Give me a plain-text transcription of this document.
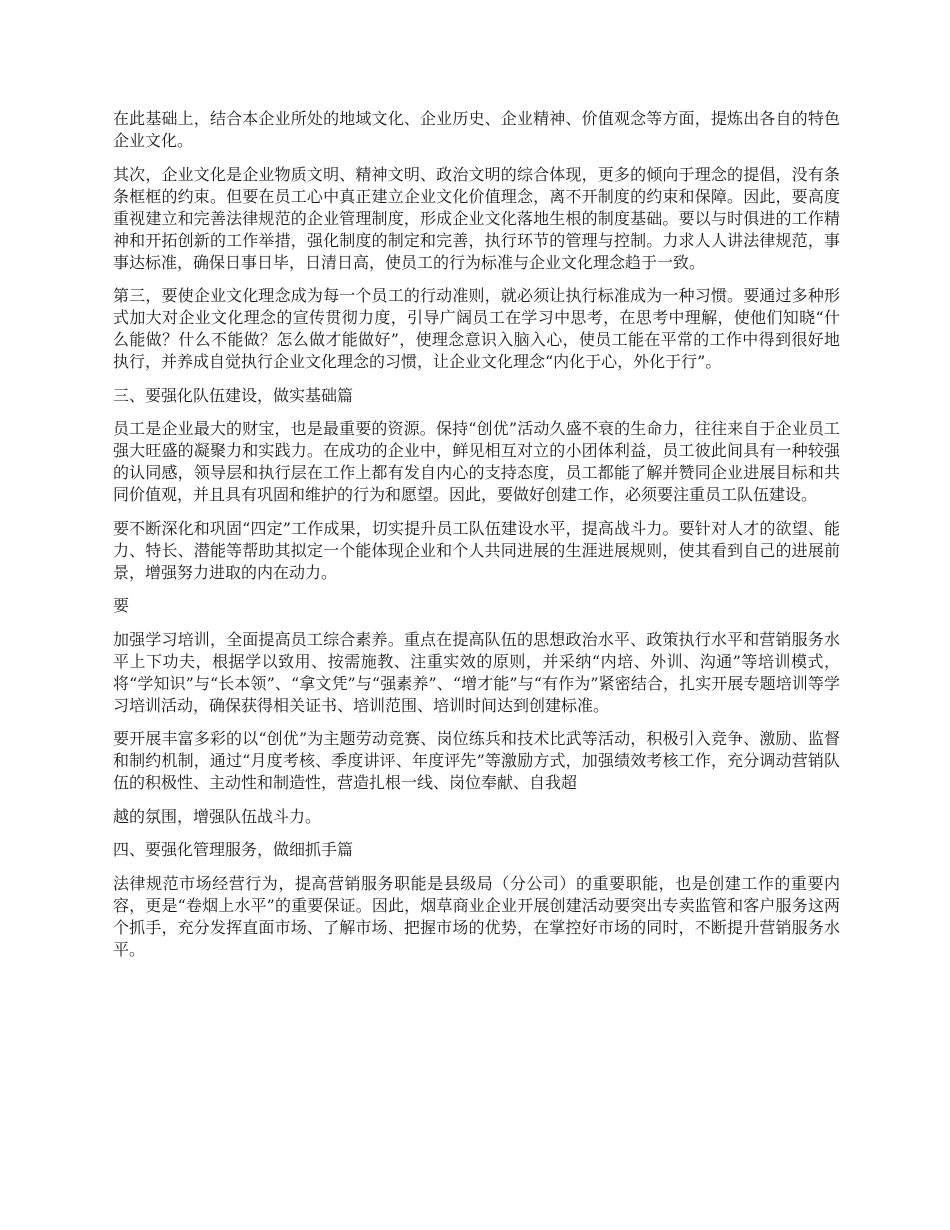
在此基础上，结合本企业所处的地域文化、企业历史、企业精神、价值观念等方面，提炼出各自的特色企业文化。

其次，企业文化是企业物质文明、精神文明、政治文明的综合体现，更多的倾向于理念的提倡，没有条条框框的约束。但要在员工心中真正建立企业文化价值理念，离不开制度的约束和保障。因此，要高度重视建立和完善法律规范的企业管理制度，形成企业文化落地生根的制度基础。要以与时俱进的工作精神和开拓创新的工作举措，强化制度的制定和完善，执行环节的管理与控制。力求人人讲法律规范，事事达标准，确保日事日毕，日清日高，使员工的行为标准与企业文化理念趋于一致。

第三，要使企业文化理念成为每一个员工的行动准则，就必须让执行标准成为一种习惯。要通过多种形式加大对企业文化理念的宣传贯彻力度，引导广阔员工在学习中思考，在思考中理解，使他们知晓“什么能做？什么不能做？怎么做才能做好”，使理念意识入脑入心，使员工能在平常的工作中得到很好地执行，并养成自觉执行企业文化理念的习惯，让企业文化理念“内化于心，外化于行”。

三、要强化队伍建设，做实基础篇

员工是企业最大的财宝，也是最重要的资源。保持“创优”活动久盛不衰的生命力，往往来自于企业员工强大旺盛的凝聚力和实践力。在成功的企业中，鲜见相互对立的小团体利益，员工彼此间具有一种较强的认同感，领导层和执行层在工作上都有发自内心的支持态度，员工都能了解并赞同企业进展目标和共同价值观，并且具有巩固和维护的行为和愿望。因此，要做好创建工作，必须要注重员工队伍建设。

要不断深化和巩固“四定”工作成果，切实提升员工队伍建设水平，提高战斗力。要针对人才的欲望、能力、特长、潜能等帮助其拟定一个能体现企业和个人共同进展的生涯进展规则，使其看到自己的进展前景，增强努力进取的内在动力。

要

加强学习培训，全面提高员工综合素养。重点在提高队伍的思想政治水平、政策执行水平和营销服务水平上下功夫，根据学以致用、按需施教、注重实效的原则，并采纳“内培、外训、沟通”等培训模式，将“学知识”与“长本领”、“拿文凭”与“强素养”、“增才能”与“有作为”紧密结合，扎实开展专题培训等学习培训活动，确保获得相关证书、培训范围、培训时间达到创建标准。

要开展丰富多彩的以“创优”为主题劳动竞赛、岗位练兵和技术比武等活动，积极引入竞争、激励、监督和制约机制，通过“月度考核、季度讲评、年度评先”等激励方式，加强绩效考核工作，充分调动营销队伍的积极性、主动性和制造性，营造扎根一线、岗位奉献、自我超

越的氛围，增强队伍战斗力。

四、要强化管理服务，做细抓手篇

法律规范市场经营行为，提高营销服务职能是县级局（分公司）的重要职能，也是创建工作的重要内容，更是“卷烟上水平”的重要保证。因此，烟草商业企业开展创建活动要突出专卖监管和客户服务这两个抓手，充分发挥直面市场、了解市场、把握市场的优势，在掌控好市场的同时，不断提升营销服务水平。
